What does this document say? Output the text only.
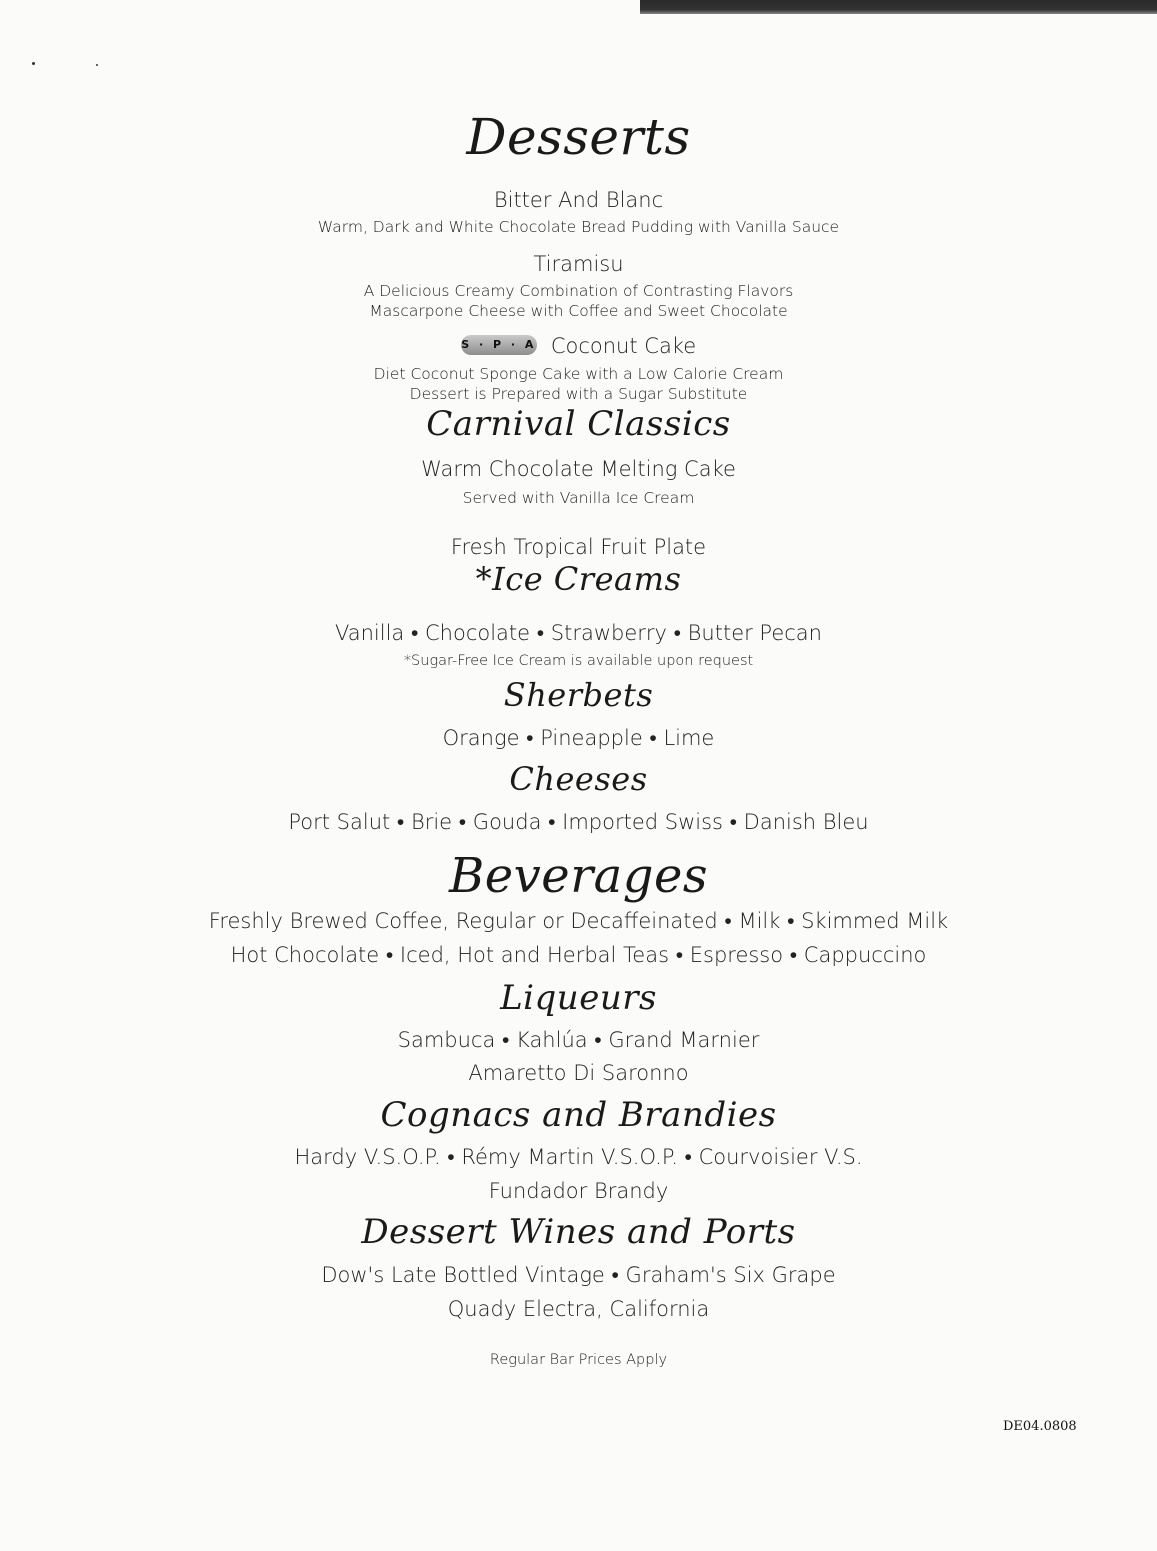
Desserts
Bitter And Blanc
Warm, Dark and White Chocolate Bread Pudding with Vanilla Sauce
Tiramisu
A Delicious Creamy Combination of Contrasting Flavors
Mascarpone Cheese with Coffee and Sweet Chocolate
S · P · A Coconut Cake
Diet Coconut Sponge Cake with a Low Calorie Cream
Dessert is Prepared with a Sugar Substitute
Carnival Classics
Warm Chocolate Melting Cake
Served with Vanilla Ice Cream
Fresh Tropical Fruit Plate
*Ice Creams
Vanilla • Chocolate • Strawberry • Butter Pecan
*Sugar-Free Ice Cream is available upon request
Sherbets
Orange • Pineapple • Lime
Cheeses
Port Salut • Brie • Gouda • Imported Swiss • Danish Bleu
Beverages
Freshly Brewed Coffee, Regular or Decaffeinated • Milk • Skimmed Milk
Hot Chocolate • Iced, Hot and Herbal Teas • Espresso • Cappuccino
Liqueurs
Sambuca • Kahlúa • Grand Marnier
Amaretto Di Saronno
Cognacs and Brandies
Hardy V.S.O.P. • Rémy Martin V.S.O.P. • Courvoisier V.S.
Fundador Brandy
Dessert Wines and Ports
Dow's Late Bottled Vintage • Graham's Six Grape
Quady Electra, California
Regular Bar Prices Apply
DE04.0808
